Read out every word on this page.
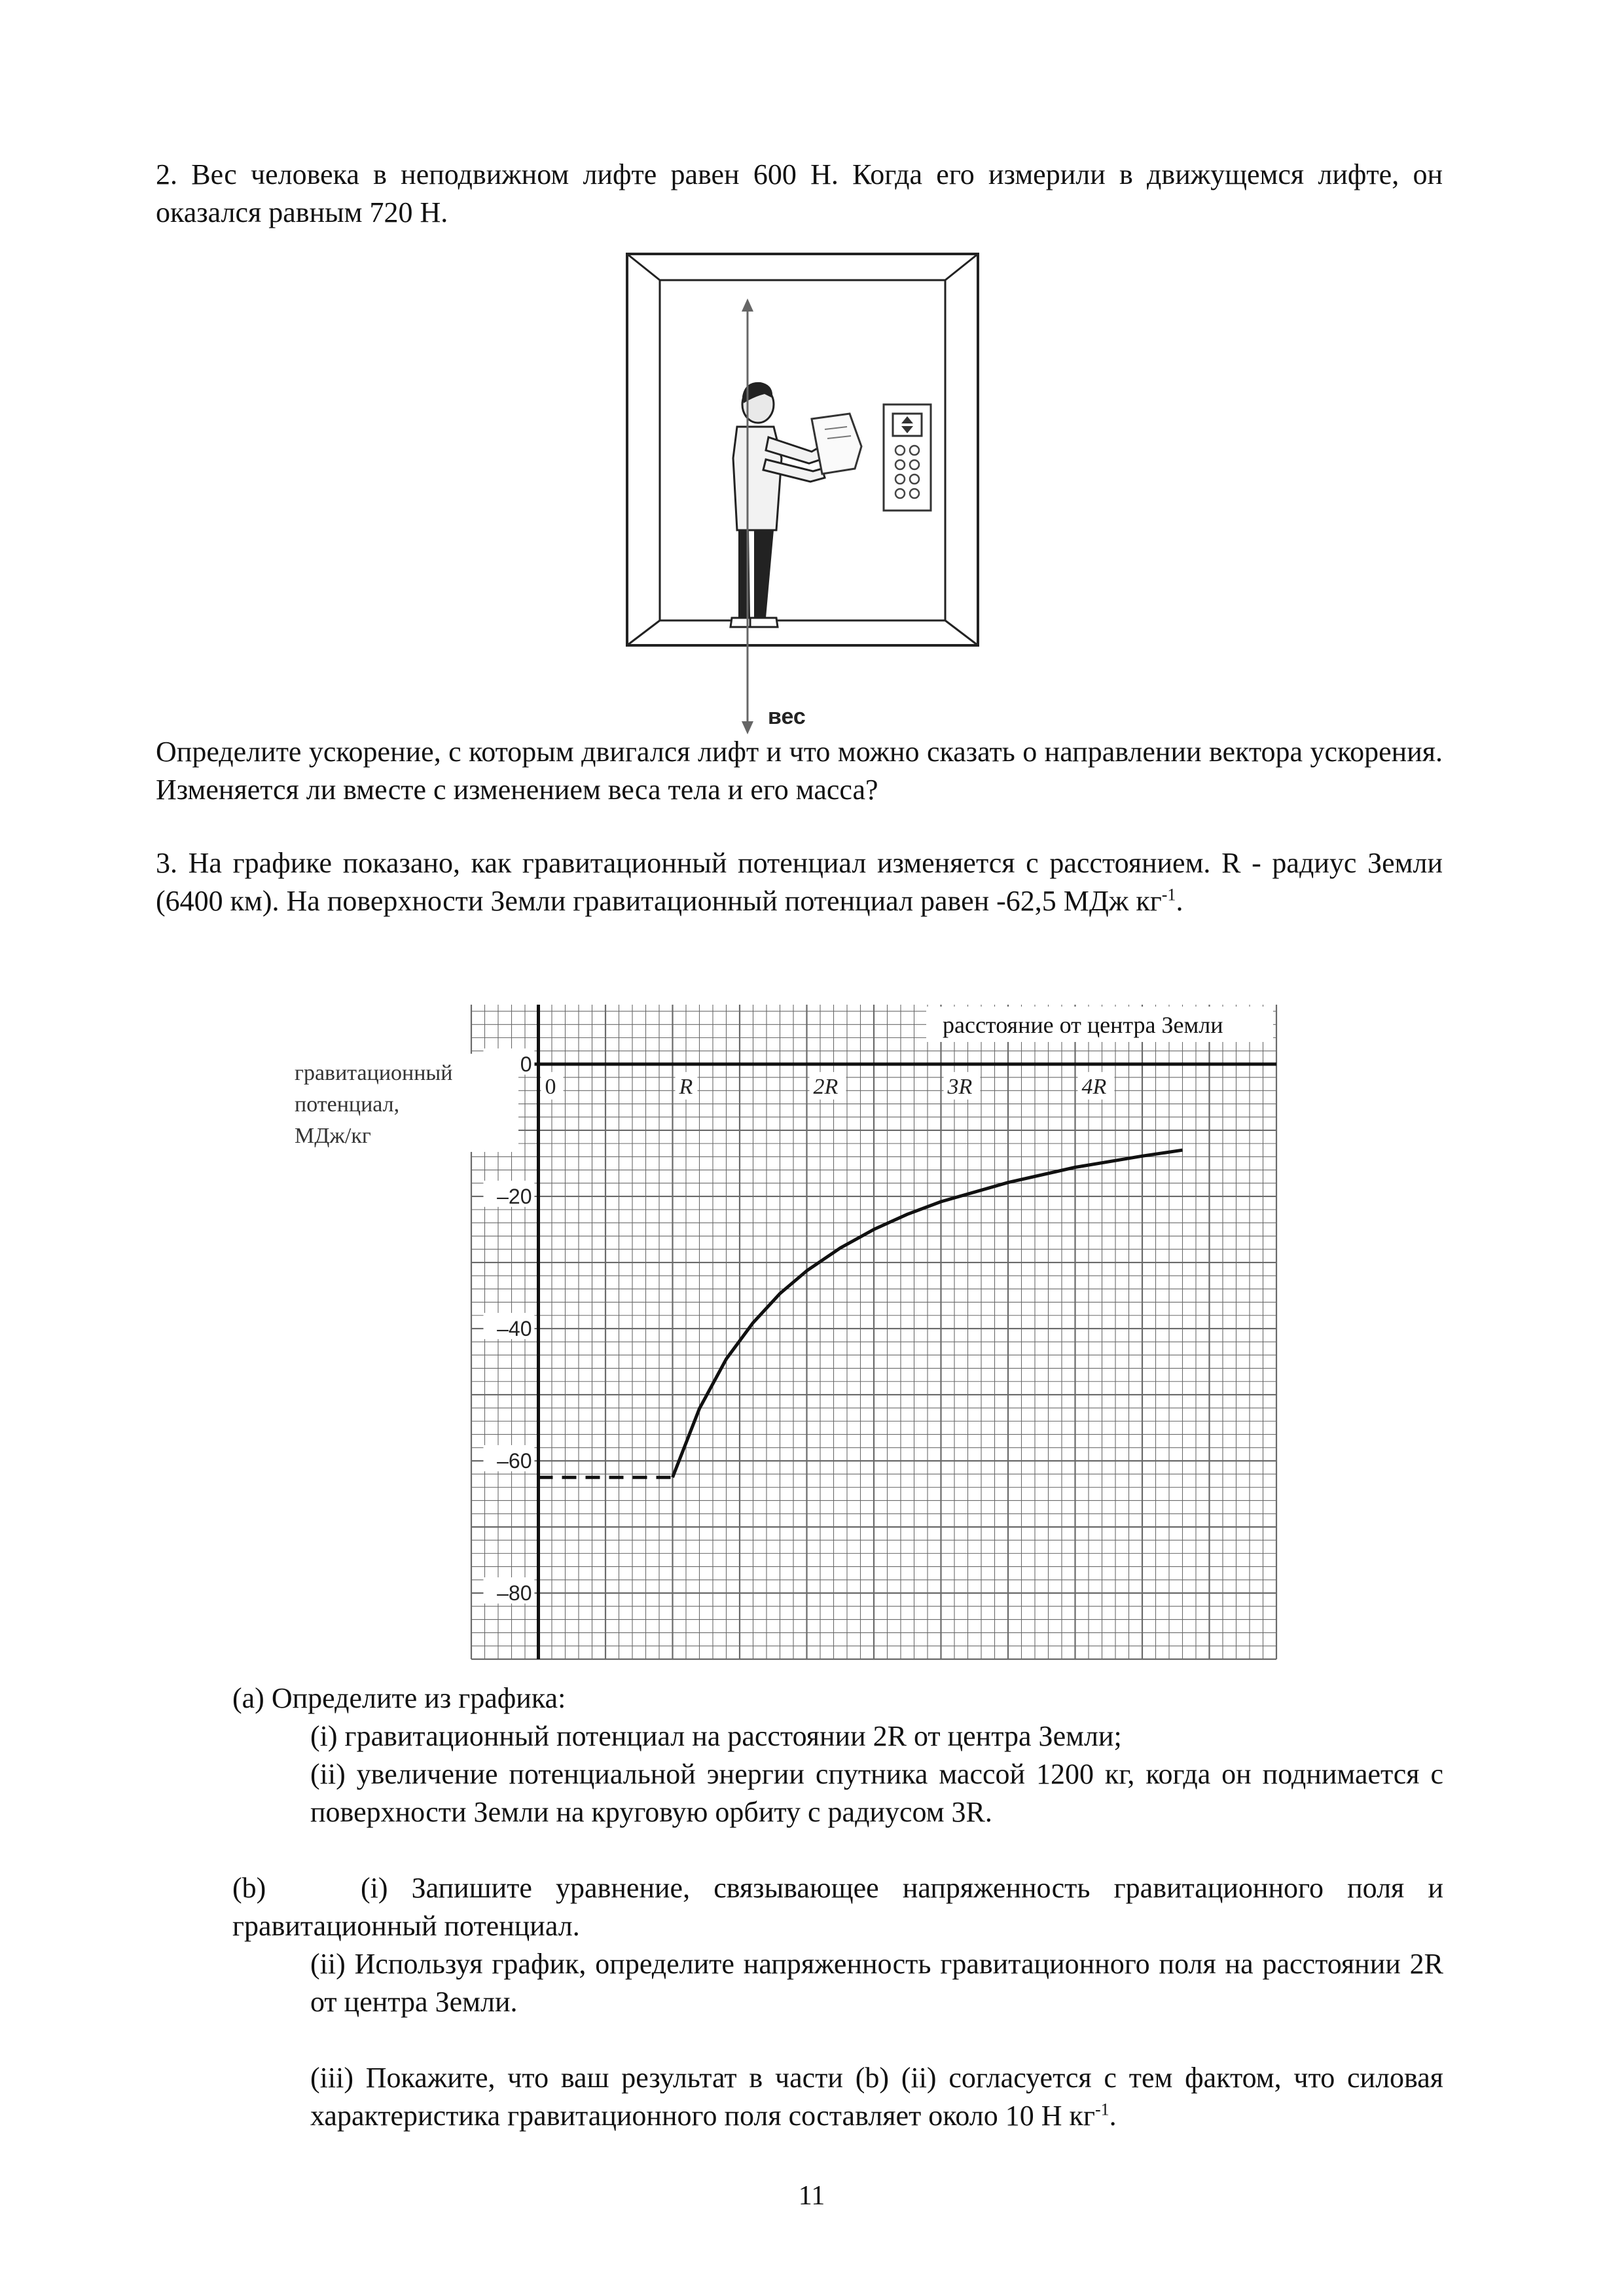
2. Вес человека в неподвижном лифте равен 600 Н. Когда его измерили в движущемся лифте, он оказался равным 720 Н.

вес

Определите ускорение, с которым двигался лифт и что можно сказать о направлении вектора ускорения. Изменяется ли вместе с изменением веса тела и его масса?

3. На графике показано, как гравитационный потенциал изменяется с расстоянием. R - радиус Земли (6400 км). На поверхности Земли гравитационный потенциал равен -62,5 МДж $кг^{-1}$.

0	R	2R	3R	4R
0
–20
–40
–60
–80
расстояние от центра Земли
гравитационный
потенциал,
МДж/кг

(a) Определите из графика:

(i) гравитационный потенциал на расстоянии 2R от центра Земли;

(ii) увеличение потенциальной энергии спутника массой 1200 кг, когда он поднимается с поверхности Земли на круговую орбиту с радиусом 3R.

(b)    (i) Запишите уравнение, связывающее напряженность гравитационного поля и гравитационный потенциал.

(ii) Используя график, определите напряженность гравитационного поля на расстоянии 2R от центра Земли.

(iii) Покажите, что ваш результат в части (b) (ii) согласуется с тем фактом, что силовая характеристика гравитационного поля составляет около 10 Н $кг^{-1}$.

11
